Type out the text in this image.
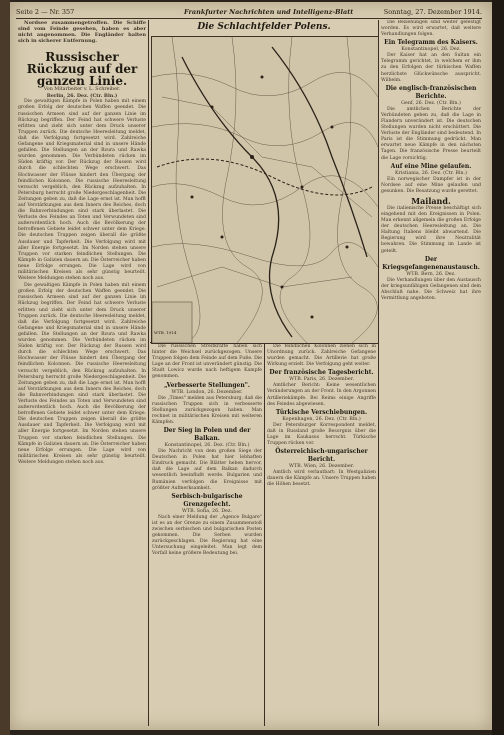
Seite 2 — Nr. 357	Frankfurter Nachrichten und Intelligenz-Blatt	Sonntag, 27. Dezember 1914.

Nordsee zusammengetroffen. Die Schiffe sind vom Feinde gesehen, haben es aber nicht angenommen. Die Engländer halten sich in sicherer Entfernung.

Russischer Rückzug auf der ganzen Linie.
Von Mitarbeiter v. L. Schreiber.
Berlin, 26. Dez. (Ctr. Bln.)

Die gewaltigen Kämpfe in Polen haben mit einem großen Erfolg der deutschen Waffen geendet. Die russischen Armeen sind auf der ganzen Linie im Rückzug begriffen. Der Feind hat schwere Verluste erlitten und zieht sich unter dem Druck unserer Truppen zurück. Die deutsche Heeresleitung meldet, daß die Verfolgung fortgesetzt wird. Zahlreiche Gefangene und Kriegsmaterial sind in unsere Hände gefallen. Die Stellungen an der Bzura und Rawka wurden genommen. Die Verbündeten rücken im Süden kräftig vor. Der Rückzug der Russen wird durch die schlechten Wege erschwert. Das Hochwasser der Flüsse hindert den Übergang der feindlichen Kolonnen. Die russische Heeresleitung versucht vergeblich, den Rückzug aufzuhalten. In Petersburg herrscht große Niedergeschlagenheit. Die Zeitungen geben zu, daß die Lage ernst ist. Man hofft auf Verstärkungen aus dem Innern des Reiches, doch die Bahnverbindungen sind stark überlastet. Die Verluste des Feindes an Toten und Verwundeten sind außerordentlich hoch. Auch die Bevölkerung der betroffenen Gebiete leidet schwer unter dem Kriege. Die deutschen Truppen zeigen überall die größte Ausdauer und Tapferkeit. Die Verfolgung wird mit aller Energie fortgesetzt. Im Norden stehen unsere Truppen vor starken feindlichen Stellungen. Die Kämpfe in Galizien dauern an. Die Österreicher haben neue Erfolge errungen. Die Lage wird von militärischen Kreisen als sehr günstig beurteilt. Weitere Meldungen stehen noch aus.

Die gewaltigen Kämpfe in Polen haben mit einem großen Erfolg der deutschen Waffen geendet. Die russischen Armeen sind auf der ganzen Linie im Rückzug begriffen. Der Feind hat schwere Verluste erlitten und zieht sich unter dem Druck unserer Truppen zurück. Die deutsche Heeresleitung meldet, daß die Verfolgung fortgesetzt wird. Zahlreiche Gefangene und Kriegsmaterial sind in unsere Hände gefallen. Die Stellungen an der Bzura und Rawka wurden genommen. Die Verbündeten rücken im Süden kräftig vor. Der Rückzug der Russen wird durch die schlechten Wege erschwert. Das Hochwasser der Flüsse hindert den Übergang der feindlichen Kolonnen. Die russische Heeresleitung versucht vergeblich, den Rückzug aufzuhalten. In Petersburg herrscht große Niedergeschlagenheit. Die Zeitungen geben zu, daß die Lage ernst ist. Man hofft auf Verstärkungen aus dem Innern des Reiches, doch die Bahnverbindungen sind stark überlastet. Die Verluste des Feindes an Toten und Verwundeten sind außerordentlich hoch. Auch die Bevölkerung der betroffenen Gebiete leidet schwer unter dem Kriege. Die deutschen Truppen zeigen überall die größte Ausdauer und Tapferkeit. Die Verfolgung wird mit aller Energie fortgesetzt. Im Norden stehen unsere Truppen vor starken feindlichen Stellungen. Die Kämpfe in Galizien dauern an. Die Österreicher haben neue Erfolge errungen. Die Lage wird von militärischen Kreisen als sehr günstig beurteilt. Weitere Meldungen stehen noch aus.

Die Schlachtfelder Polens.
WTB. 1914

Die russischen Streitkräfte haben sich hinter die Weichsel zurückgezogen. Unsere Truppen folgen dem Feinde auf dem Fuße. Die Lage an der Front ist unverändert günstig. Die Stadt Lowicz wurde nach heftigem Kampfe genommen.

„Verbesserte Stellungen".
WTB. London, 26. Dezember.

Die „Times" melden aus Petersburg, daß die russischen Truppen sich in verbesserte Stellungen zurückgezogen haben. Man rechnet in militärischen Kreisen mit weiteren Kämpfen.

Der Sieg in Polen und der Balkan.
Konstantinopel, 26. Dez. (Ctr. Bln.)

Die Nachricht von dem großen Siege der Deutschen in Polen hat hier lebhaften Eindruck gemacht. Die Blätter heben hervor, daß die Lage auf dem Balkan dadurch wesentlich beeinflußt werde. Bulgarien und Rumänien verfolgen die Ereignisse mit größter Aufmerksamkeit.

Serbisch-bulgarische Grenzgefecht.
WTB. Sofia, 26. Dez.

Nach einer Meldung der „Agence Bulgare" ist es an der Grenze zu einem Zusammenstoß zwischen serbischen und bulgarischen Posten gekommen. Die Serben wurden zurückgeschlagen. Die Regierung hat eine Untersuchung eingeleitet. Man legt dem Vorfall keine größere Bedeutung bei.

Die feindlichen Kolonnen ziehen sich in Unordnung zurück. Zahlreiche Gefangene wurden gemacht. Die Artillerie hat große Wirkung erzielt. Die Verfolgung geht weiter.

Der französische Tagesbericht.
WTB. Paris, 26. Dezember.

Amtlicher Bericht: Keine wesentlichen Veränderungen an der Front. In den Argonnen Artilleriekämpfe. Bei Reims einige Angriffe des Feindes abgewiesen.

Türkische Verschiebungen.
Kopenhagen, 26. Dez. (Ctr. Bln.)

Der Petersburger Korrespondent meldet, daß in Russland große Besorgnis über die Lage im Kaukasus herrscht. Türkische Truppen rücken vor.

Österreichisch-ungarischer Bericht.
WTB. Wien, 26. Dezember.

Amtlich wird verlautbart: In Westgalizien dauern die Kämpfe an. Unsere Truppen haben die Höhen besetzt.

Die Beziehungen sind weiter gefestigt worden. Es wird erwartet, daß weitere Verhandlungen folgen.

Ein Telegramm des Kaisers.
Konstantinopel, 26. Dez.

Der Kaiser hat an den Sultan ein Telegramm gerichtet, in welchem er ihm zu den Erfolgen der türkischen Waffen herzlichste Glückwünsche ausspricht. Wilhelm.

Die englisch-französischen Berichte.
Genf, 26. Dez. (Ctr. Bln.)

Die amtlichen Berichte der Verbündeten geben zu, daß die Lage in Flandern unverändert ist. Die deutschen Stellungen wurden nicht erschüttert. Die Verluste der Engländer sind bedeutend. In Paris ist die Stimmung gedrückt. Man erwartet neue Kämpfe in den nächsten Tagen. Die französische Presse beurteilt die Lage vorsichtig.

Auf eine Mine gelaufen.
Kristiania, 26. Dez. (Ctr. Bln.)

Ein norwegischer Dampfer ist in der Nordsee auf eine Mine gelaufen und gesunken. Die Besatzung wurde gerettet.

Mailand.

Die italienische Presse beschäftigt sich eingehend mit den Ereignissen in Polen. Man erkennt allgemein die großen Erfolge der deutschen Heeresleitung an. Die Haltung Italiens bleibt abwartend. Die Regierung wird ihre Neutralität bewahren. Die Stimmung im Lande ist geteilt.

Der Kriegsgefangenenaustausch.
WTB. Bern, 26. Dez.

Die Verhandlungen über den Austausch der kriegsunfähigen Gefangenen sind dem Abschluß nahe. Die Schweiz hat ihre Vermittlung angeboten.
